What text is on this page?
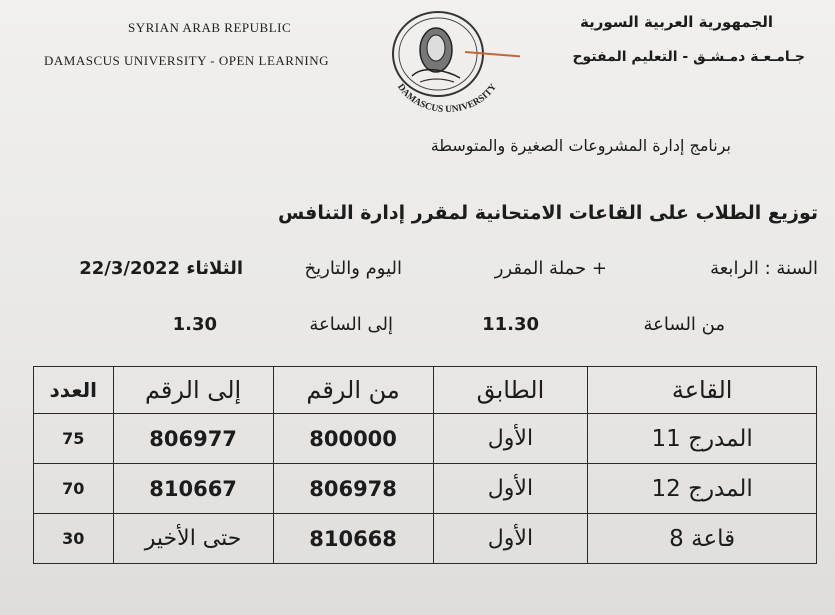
SYRIAN ARAB REPUBLIC
DAMASCUS UNIVERSITY - OPEN LEARNING
الجمهورية العربية السورية
جـامـعـة دمـشـق - التعليم المفتوح
DAMASCUS UNIVERSITY
برنامج إدارة المشروعات الصغيرة والمتوسطة
توزيع الطلاب على القاعات الامتحانية لمقرر إدارة التنافس
السنة : الرابعة
+ حملة المقرر
اليوم والتاريخ
الثلاثاء 22/3/2022
من الساعة
11.30
إلى الساعة
1.30
القاعة	الطابق	من الرقم	إلى الرقم	العدد
المدرج 11	الأول	800000	806977	75
المدرج 12	الأول	806978	810667	70
قاعة 8	الأول	810668	حتى الأخير	30
